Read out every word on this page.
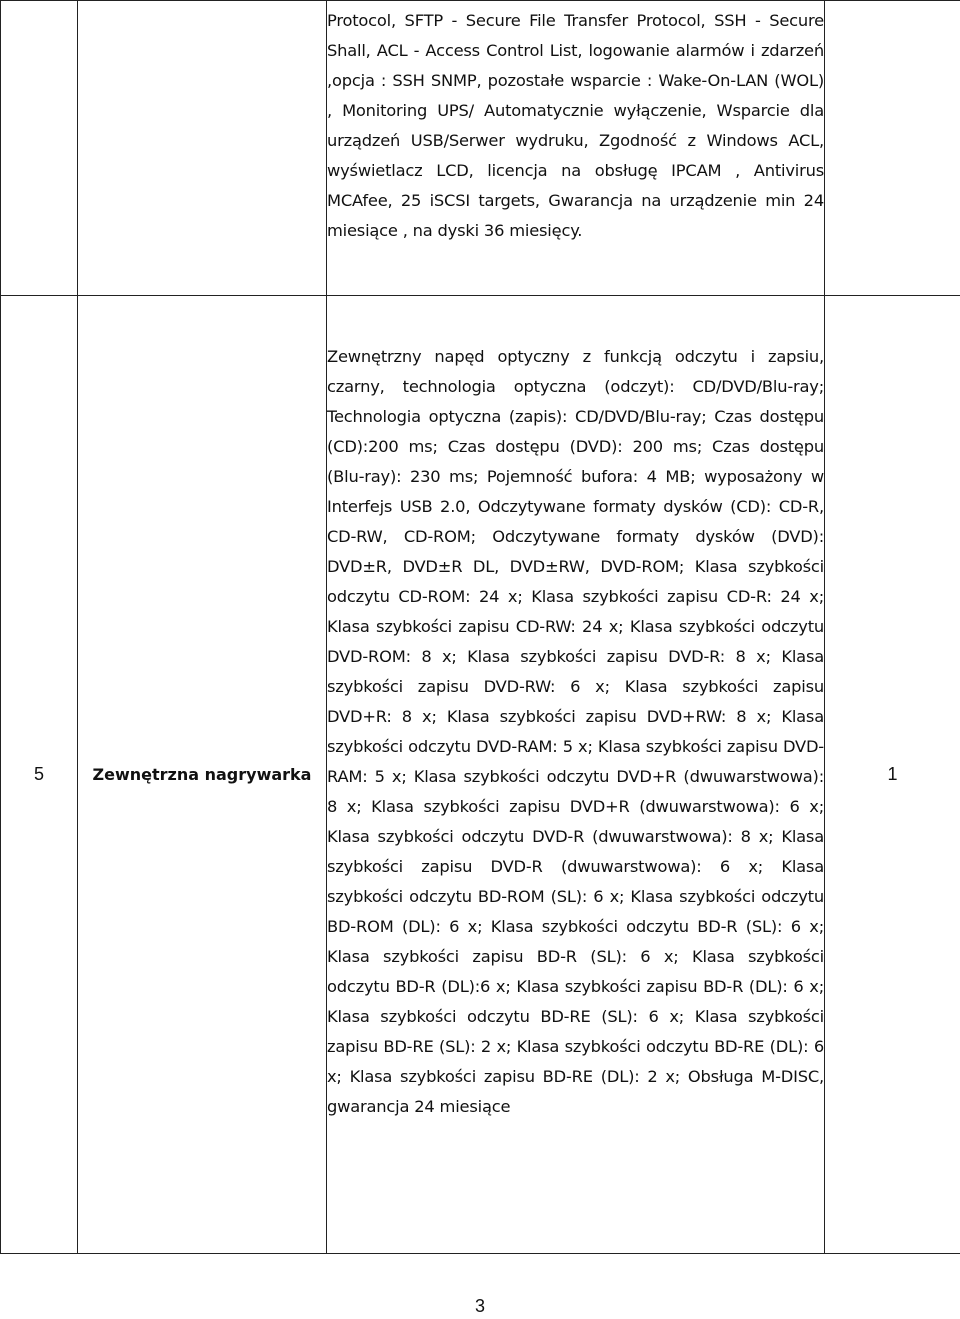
		Protocol, SFTP - Secure File Transfer Protocol, SSH - Secure Shall, ACL - Access Control List, logowanie alarmów i zdarzeń ,opcja : SSH SNMP, pozostałe wsparcie : Wake-On-LAN (WOL) , Monitoring UPS/ Automatycznie wyłączenie, Wsparcie dla urządzeń USB/Serwer wydruku, Zgodność z Windows ACL, wyświetlacz LCD, licencja na obsługę IPCAM , Antivirus MCAfee, 25 iSCSI targets, Gwarancja na urządzenie min 24 miesiące , na dyski 36 miesięcy.	

5	Zewnętrzna nagrywarka	Zewnętrzny napęd optyczny z funkcją odczytu i zapsiu, czarny, technologia optyczna (odczyt): CD/DVD/Blu-ray; Technologia optyczna (zapis): CD/DVD/Blu-ray; Czas dostępu (CD):200 ms; Czas dostępu (DVD): 200 ms; Czas dostępu (Blu-ray): 230 ms; Pojemność bufora: 4 MB; wyposażony w Interfejs USB 2.0, Odczytywane formaty dysków (CD): CD-R, CD-RW, CD-ROM; Odczytywane formaty dysków (DVD): DVD±R, DVD±R DL, DVD±RW, DVD-ROM; Klasa szybkości odczytu CD-ROM: 24 x; Klasa szybkości zapisu CD-R: 24 x; Klasa szybkości zapisu CD-RW: 24 x; Klasa szybkości odczytu DVD-ROM: 8 x; Klasa szybkości zapisu DVD-R: 8 x; Klasa szybkości zapisu DVD-RW: 6 x; Klasa szybkości zapisu DVD+R: 8 x; Klasa szybkości zapisu DVD+RW: 8 x; Klasa szybkości odczytu DVD-RAM: 5 x; Klasa szybkości zapisu DVD-RAM: 5 x; Klasa szybkości odczytu DVD+R (dwuwarstwowa): 8 x; Klasa szybkości zapisu DVD+R (dwuwarstwowa): 6 x; Klasa szybkości odczytu DVD-R (dwuwarstwowa): 8 x; Klasa szybkości zapisu DVD-R (dwuwarstwowa): 6 x; Klasa szybkości odczytu BD-ROM (SL): 6 x; Klasa szybkości odczytu BD-ROM (DL): 6 x; Klasa szybkości odczytu BD-R (SL): 6 x; Klasa szybkości zapisu BD-R (SL): 6 x; Klasa szybkości odczytu BD-R (DL):6 x; Klasa szybkości zapisu BD-R (DL): 6 x; Klasa szybkości odczytu BD-RE (SL): 6 x; Klasa szybkości zapisu BD-RE (SL): 2 x; Klasa szybkości odczytu BD-RE (DL): 6 x; Klasa szybkości zapisu BD-RE (DL): 2 x; Obsługa M-DISC, gwarancja 24 miesiące	1
3
